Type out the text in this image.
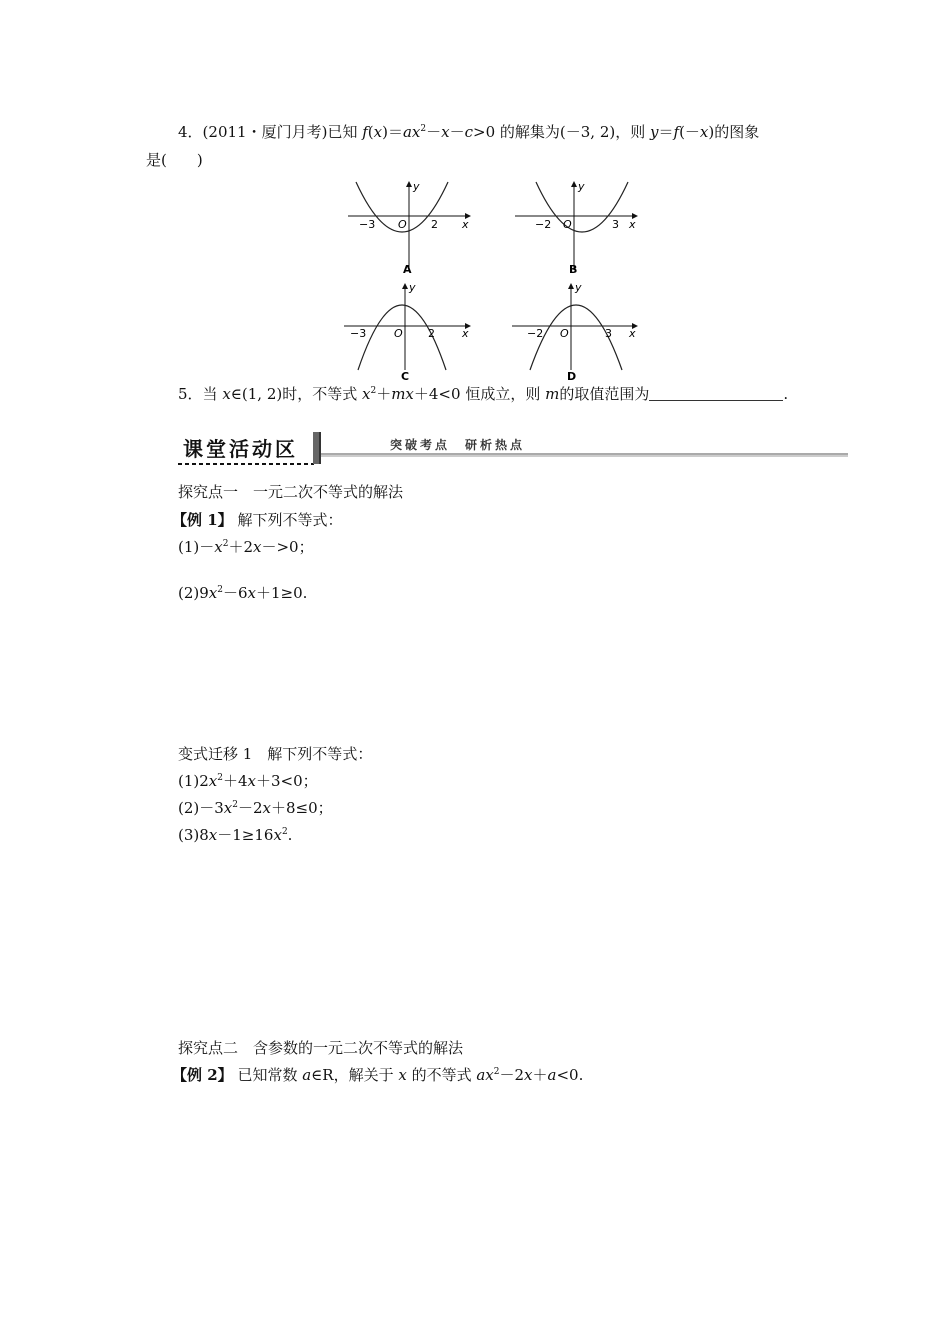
4．(2011・厦门月考)已知 $f(x)=ax^2-x-c>0$ 的解集为(－3, 2)，则 y＝f(－x)的图象
是(　　)
−3 O 2 x
y
A
−2 O	3 x
y
B
−3	O 2 x
y
C
−2 O	3 x
y
D
5．当 x∈(1, 2)时，不等式 $x^2+mx+4<0$ 恒成立，则 m的取值范围为	.
课堂活动区	突破考点　研析热点
探究点一　一元二次不等式的解法
【例 1】 解下列不等式：
$(1)-x^2+2x->0$；
$(2)9x^2-6x+1\ge 0$.
变式迁移 1　解下列不等式：
$(1)2x^2+4x+3<0$；
$(2)-3x^2-2x+8\le 0$；
$(3)8x-1\ge 16x^2$.
探究点二　含参数的一元二次不等式的解法
【例 2】 已知常数 a∈R，解关于 x 的不等式 $ax^2-2x+a<0$.
